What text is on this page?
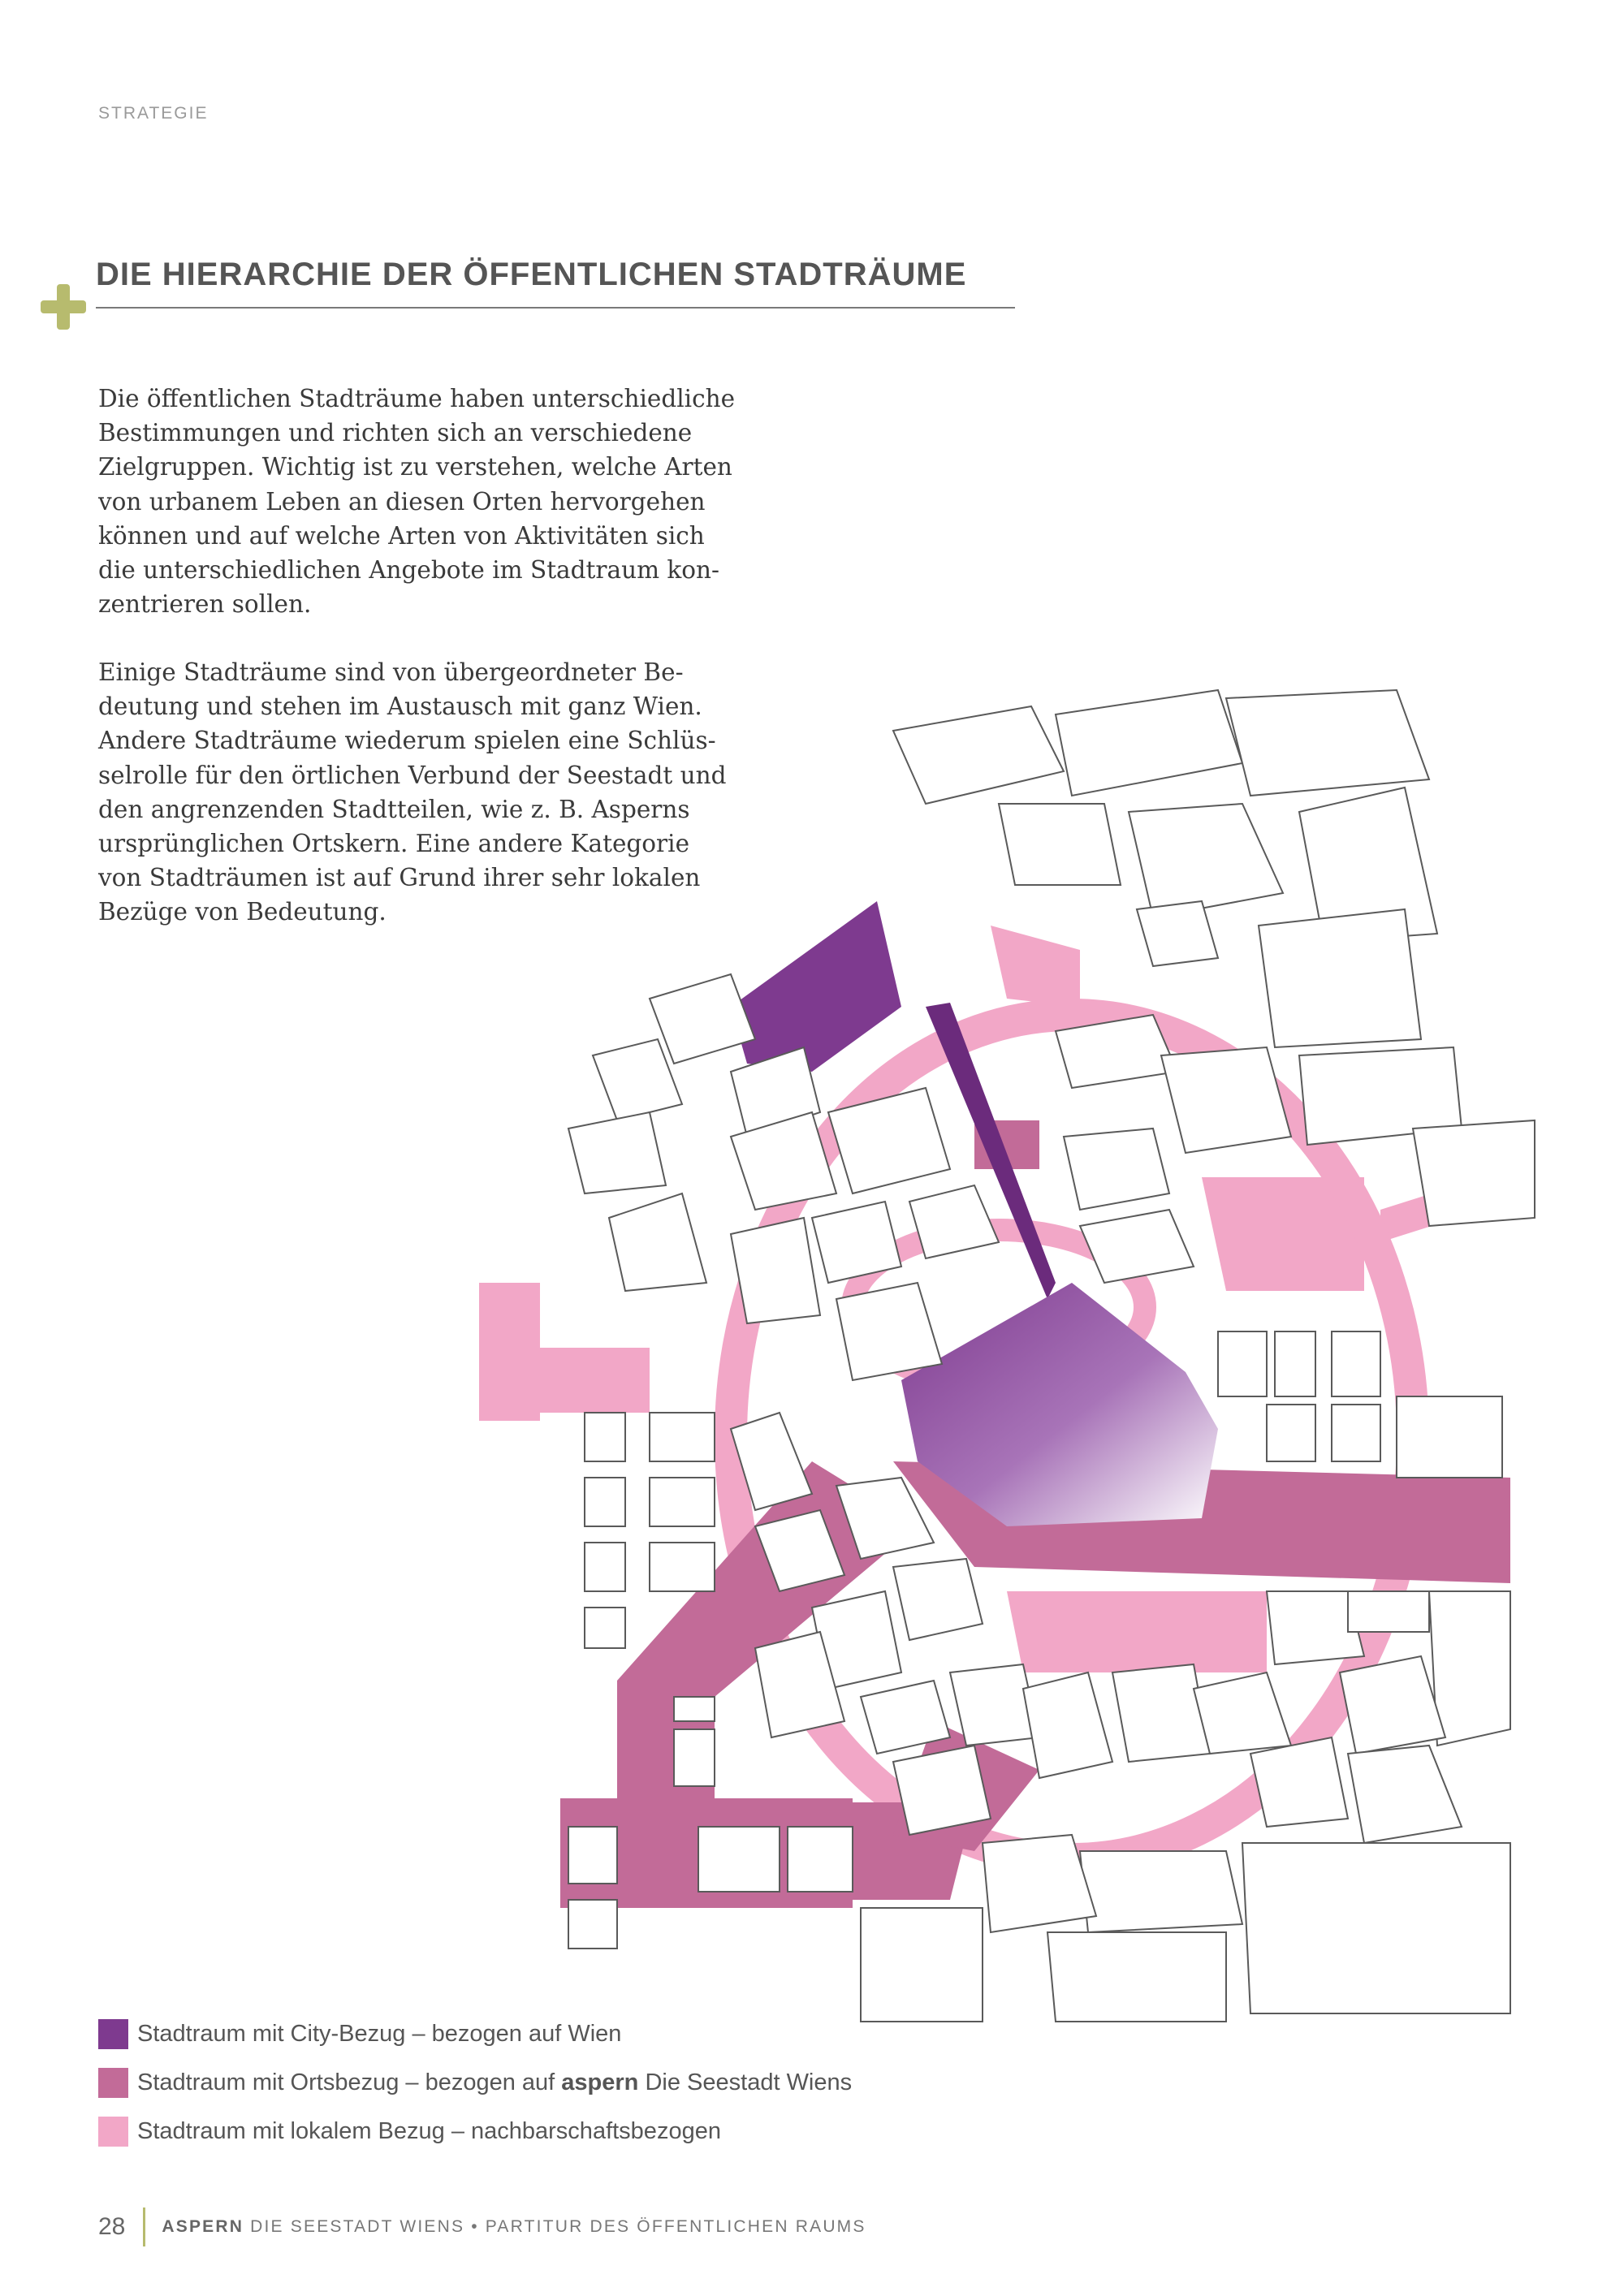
STRATEGIE
DIE HIERARCHIE DER ÖFFENTLICHEN STADTRÄUME

Die öffentlichen Stadträume haben unterschiedliche
Bestimmungen und richten sich an verschiedene
Zielgruppen. Wichtig ist zu verstehen, welche Arten
von urbanem Leben an diesen Orten hervorgehen
können und auf welche Arten von Aktivitäten sich
die unterschiedlichen Angebote im Stadtraum kon-
zentrieren sollen.

Einige Stadträume sind von übergeordneter Be-
deutung und stehen im Austausch mit ganz Wien.
Andere Stadträume wiederum spielen eine Schlüs-
selrolle für den örtlichen Verbund der Seestadt und
den angrenzenden Stadtteilen, wie z. B. Asperns
ursprünglichen Ortskern. Eine andere Kategorie
von Stadträumen ist auf Grund ihrer sehr lokalen
Bezüge von Bedeutung.

Stadtraum mit City-Bezug – bezogen auf Wien
Stadtraum mit Ortsbezug – bezogen auf aspern Die Seestadt Wiens
Stadtraum mit lokalem Bezug – nachbarschaftsbezogen
28 ASPERN DIE SEESTADT WIENS • PARTITUR DES ÖFFENTLICHEN RAUMS
